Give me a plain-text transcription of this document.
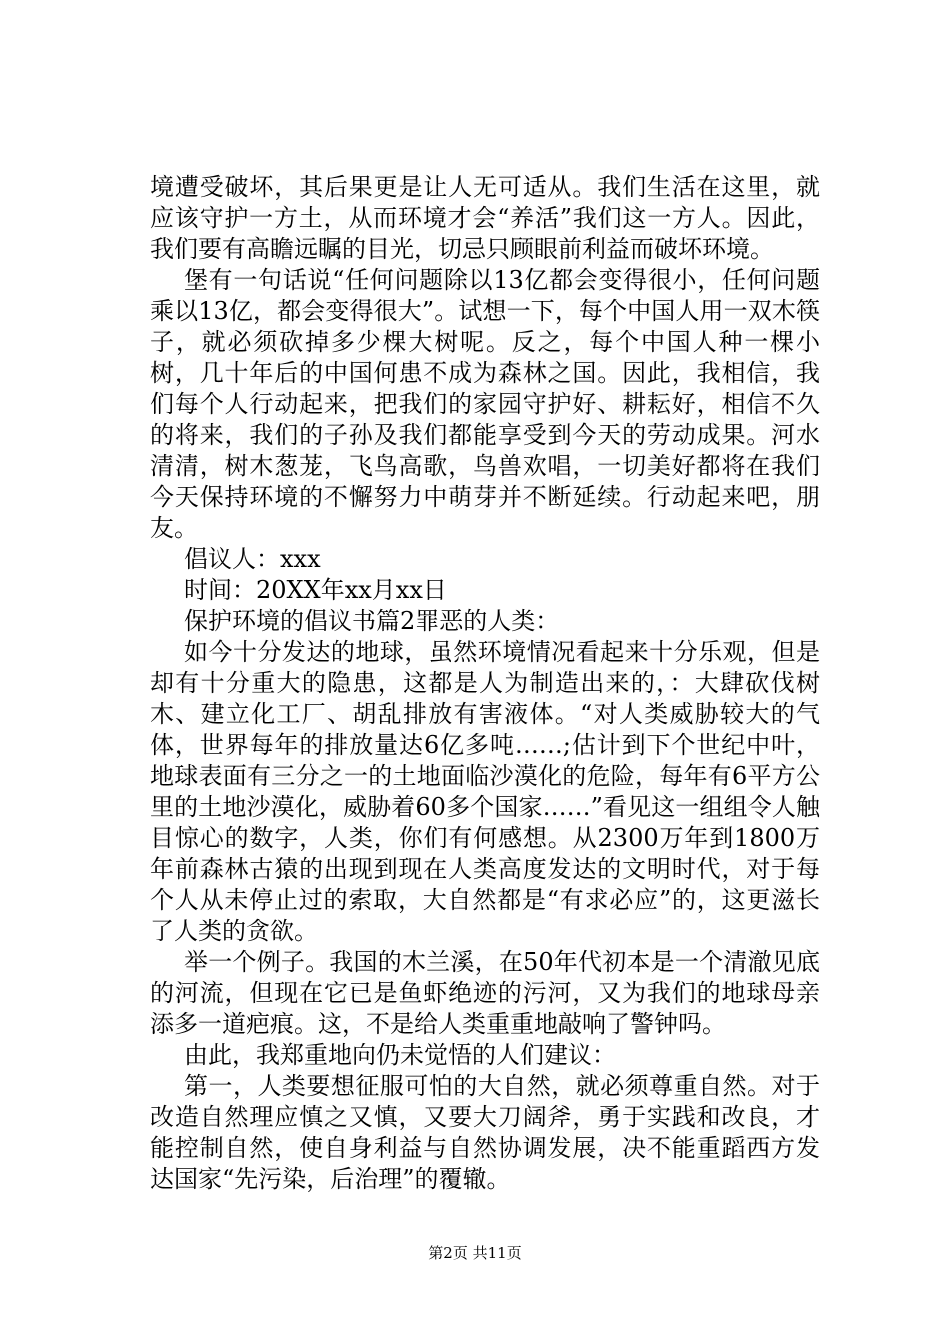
境遭受破坏，其后果更是让人无可适从。我们生活在这里，就应该守护一方土，从而环境才会“养活”我们这一方人。因此，我们要有高瞻远瞩的目光，切忌只顾眼前利益而破坏环境。

堡有一句话说“任何问题除以13亿都会变得很小，任何问题乘以13亿，都会变得很大”。试想一下，每个中国人用一双木筷子，就必须砍掉多少棵大树呢。反之，每个中国人种一棵小树，几十年后的中国何患不成为森林之国。因此，我相信，我们每个人行动起来，把我们的家园守护好、耕耘好，相信不久的将来，我们的子孙及我们都能享受到今天的劳动成果。河水清清，树木葱茏，飞鸟高歌，鸟兽欢唱，一切美好都将在我们今天保持环境的不懈努力中萌芽并不断延续。行动起来吧，朋友。

倡议人：xxx

时间：20XX年xx月xx日

保护环境的倡议书篇2罪恶的人类：

如今十分发达的地球，虽然环境情况看起来十分乐观，但是却有十分重大的隐患，这都是人为制造出来的，：大肆砍伐树木、建立化工厂、胡乱排放有害液体。“对人类威胁较大的气体，世界每年的排放量达6亿多吨……;估计到下个世纪中叶，地球表面有三分之一的土地面临沙漠化的危险，每年有6平方公里的土地沙漠化，威胁着60多个国家……”看见这一组组令人触目惊心的数字，人类，你们有何感想。从2300万年到1800万年前森林古猿的出现到现在人类高度发达的文明时代，对于每个人从未停止过的索取，大自然都是“有求必应”的，这更滋长了人类的贪欲。

举一个例子。我国的木兰溪，在50年代初本是一个清澈见底的河流，但现在它已是鱼虾绝迹的污河，又为我们的地球母亲添多一道疤痕。这，不是给人类重重地敲响了警钟吗。

由此，我郑重地向仍未觉悟的人们建议：

第一，人类要想征服可怕的大自然，就必须尊重自然。对于改造自然理应慎之又慎，又要大刀阔斧，勇于实践和改良，才能控制自然，使自身利益与自然协调发展，决不能重蹈西方发达国家“先污染，后治理”的覆辙。

第2页 共11页
